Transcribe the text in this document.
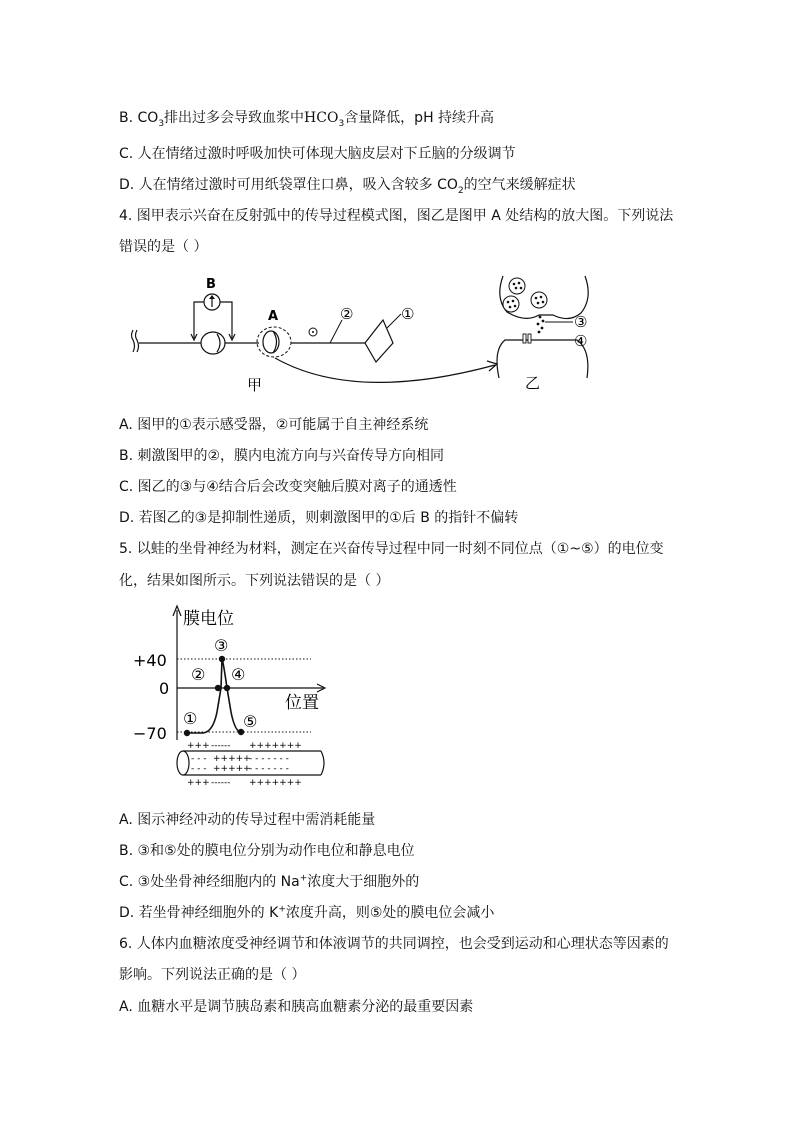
B. $CO_3$排出过多会导致血浆中$HCO_3$含量降低，pH 持续升高
C. 人在情绪过激时呼吸加快可体现大脑皮层对下丘脑的分级调节
D. 人在情绪过激时可用纸袋罩住口鼻，吸入含较多 $CO_2$的空气来缓解症状
4. 图甲表示兴奋在反射弧中的传导过程模式图，图乙是图甲 A 处结构的放大图。下列说法
错误的是（ ）
B
A	②	①
甲
③
④
乙
A. 图甲的①表示感受器，②可能属于自主神经系统
B. 刺激图甲的②，膜内电流方向与兴奋传导方向相同
C. 图乙的③与④结合后会改变突触后膜对离子的通透性
D. 若图乙的③是抑制性递质，则刺激图甲的①后 B 的指针不偏转
5. 以蛙的坐骨神经为材料，测定在兴奋传导过程中同一时刻不同位点（①~⑤）的电位变
化，结果如图所示。下列说法错误的是（ ）
膜电位
位置
+40
0
−70
①
②
③
④
⑤
+++ ------ +++++++
- - - +++++
- - - - - - -
- - - +++++
- - - - - - -
+++ ------ +++++++
A. 图示神经冲动的传导过程中需消耗能量
B. ③和⑤处的膜电位分别为动作电位和静息电位
C. ③处坐骨神经细胞内的 Na+浓度大于细胞外的
D. 若坐骨神经细胞外的 K+浓度升高，则⑤处的膜电位会减小
6. 人体内血糖浓度受神经调节和体液调节的共同调控，也会受到运动和心理状态等因素的
影响。下列说法正确的是（ ）
A. 血糖水平是调节胰岛素和胰高血糖素分泌的最重要因素
